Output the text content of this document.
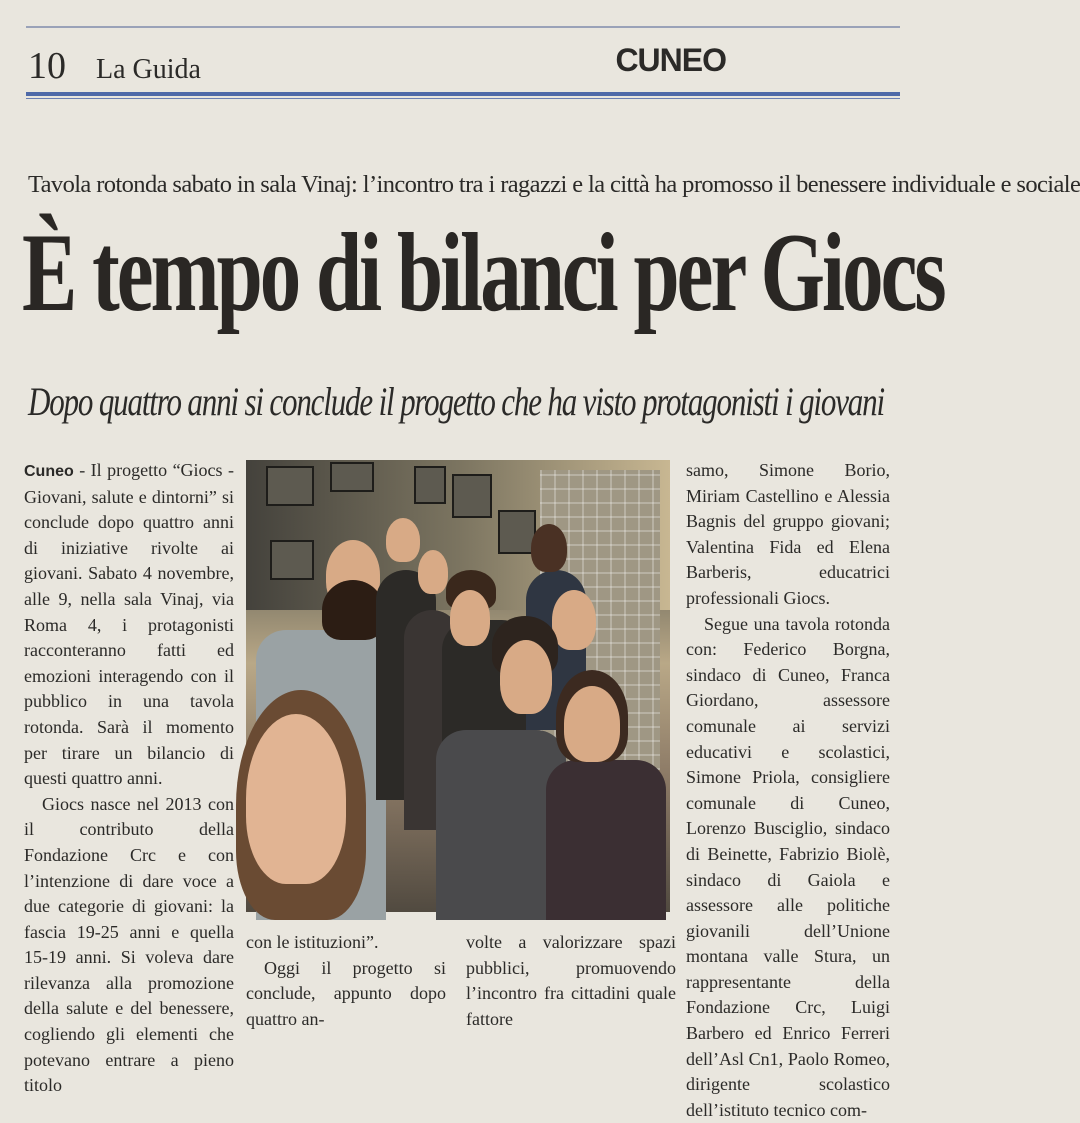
10 La Guida	CUNEO
Tavola rotonda sabato in sala Vinaj: l’incontro tra i ragazzi e la città ha promosso il benessere individuale e sociale
È tempo di bilanci per Giocs
Dopo quattro anni si conclude il progetto che ha visto protagonisti i giovani

Cuneo - Il progetto “Giocs - Giovani, salute e dintorni” si conclude dopo quattro anni di iniziative rivolte ai giovani. Sabato 4 novembre, alle 9, nella sala Vinaj, via Roma 4, i protagonisti racconteranno fatti ed emozioni interagendo con il pubblico in una tavola rotonda. Sarà il momento per tirare un bilancio di questi quattro anni.

Giocs nasce nel 2013 con il contributo della Fondazione Crc e con l’intenzione di dare voce a due categorie di giovani: la fascia 19-25 anni e quella 15-19 anni. Si voleva dare rilevanza alla promozione della salute e del benessere, cogliendo gli elementi che potevano entrare a pieno titolo

con le istituzioni”.

Oggi il progetto si conclude, appunto dopo quattro an-

volte a valorizzare spazi pubblici, promuovendo l’incontro fra cittadini quale fattore

samo, Simone Borio, Miriam Castellino e Alessia Bagnis del gruppo giovani; Valentina Fida ed Elena Barberis, educatrici professionali Giocs.

Segue una tavola rotonda con: Federico Borgna, sindaco di Cuneo, Franca Giordano, assessore comunale ai servizi educativi e scolastici, Simone Priola, consigliere comunale di Cuneo, Lorenzo Busciglio, sindaco di Beinette, Fabrizio Biolè, sindaco di Gaiola e assessore alle politiche giovanili dell’Unione montana valle Stura, un rappresentante della Fondazione Crc, Luigi Barbero ed Enrico Ferreri dell’Asl Cn1, Paolo Romeo, dirigente scolastico dell’istituto tecnico com-
